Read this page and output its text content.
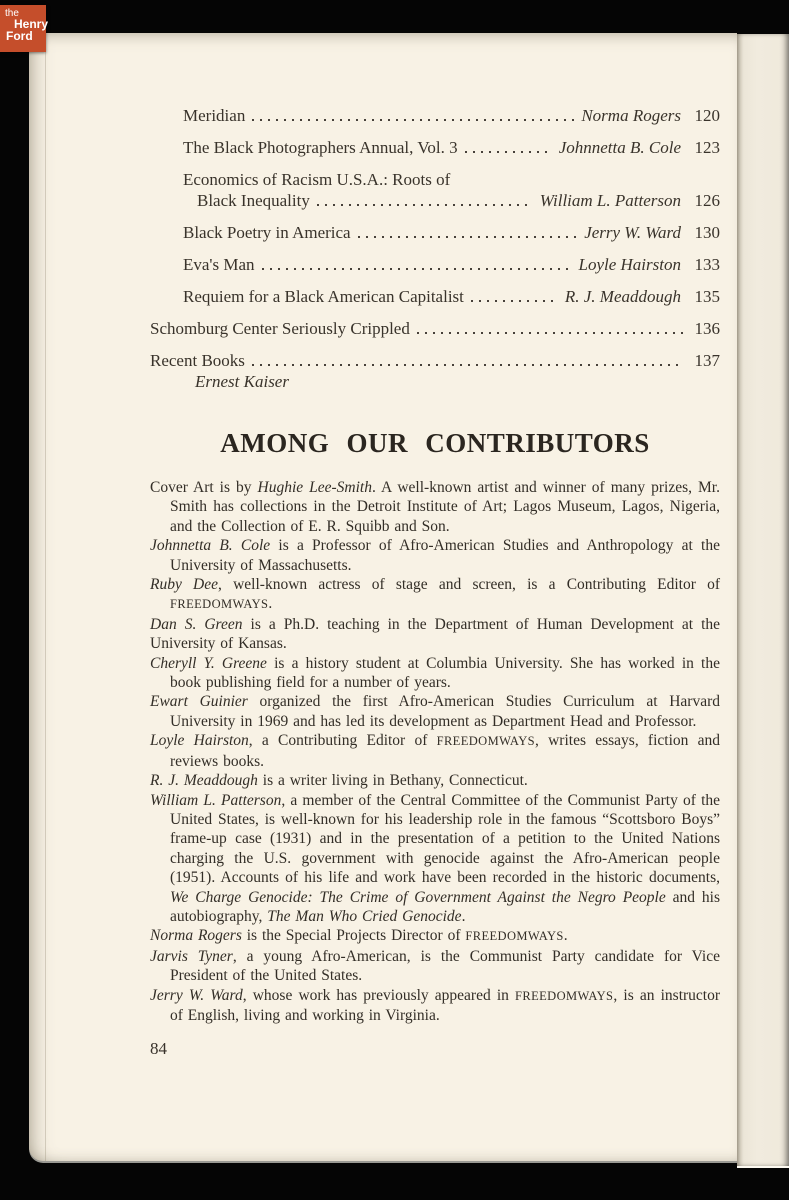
Meridian	Norma Rogers 120
The Black Photographers Annual, Vol. 3	Johnnetta B. Cole 123
Economics of Racism U.S.A.: Roots of
Black Inequality	William L. Patterson 126
Black Poetry in America	Jerry W. Ward 130
Eva's Man	Loyle Hairston 133
Requiem for a Black American Capitalist	R. J. Meaddough 135
Schomburg Center Seriously Crippled	136
Recent Books	137
Ernest Kaiser
AMONG OUR CONTRIBUTORS

Cover Art is by Hughie Lee-Smith. A well-known artist and winner of many prizes, Mr. Smith has collections in the Detroit Institute of Art; Lagos Museum, Lagos, Nigeria, and the Collection of E. R. Squibb and Son.

Johnnetta B. Cole is a Professor of Afro-American Studies and Anthropology at the University of Massachusetts.

Ruby Dee, well-known actress of stage and screen, is a Contributing Editor of FREEDOMWAYS.

Dan S. Green is a Ph.D. teaching in the Department of Human Development at the University of Kansas.

Cheryll Y. Greene is a history student at Columbia University. She has worked in the book publishing field for a number of years.

Ewart Guinier organized the first Afro-American Studies Curriculum at Harvard University in 1969 and has led its development as Department Head and Professor.

Loyle Hairston, a Contributing Editor of FREEDOMWAYS, writes essays, fiction and reviews books.

R. J. Meaddough is a writer living in Bethany, Connecticut.

William L. Patterson, a member of the Central Committee of the Communist Party of the United States, is well-known for his leadership role in the famous “Scottsboro Boys” frame-up case (1931) and in the presentation of a petition to the United Nations charging the U.S. government with genocide against the Afro-American people (1951). Accounts of his life and work have been recorded in the historic documents, We Charge Genocide: The Crime of Government Against the Negro People and his autobiography, The Man Who Cried Genocide.

Norma Rogers is the Special Projects Director of FREEDOMWAYS.

Jarvis Tyner, a young Afro-American, is the Communist Party candidate for Vice President of the United States.

Jerry W. Ward, whose work has previously appeared in FREEDOMWAYS, is an instructor of English, living and working in Virginia.

84
the
Henry
Ford
